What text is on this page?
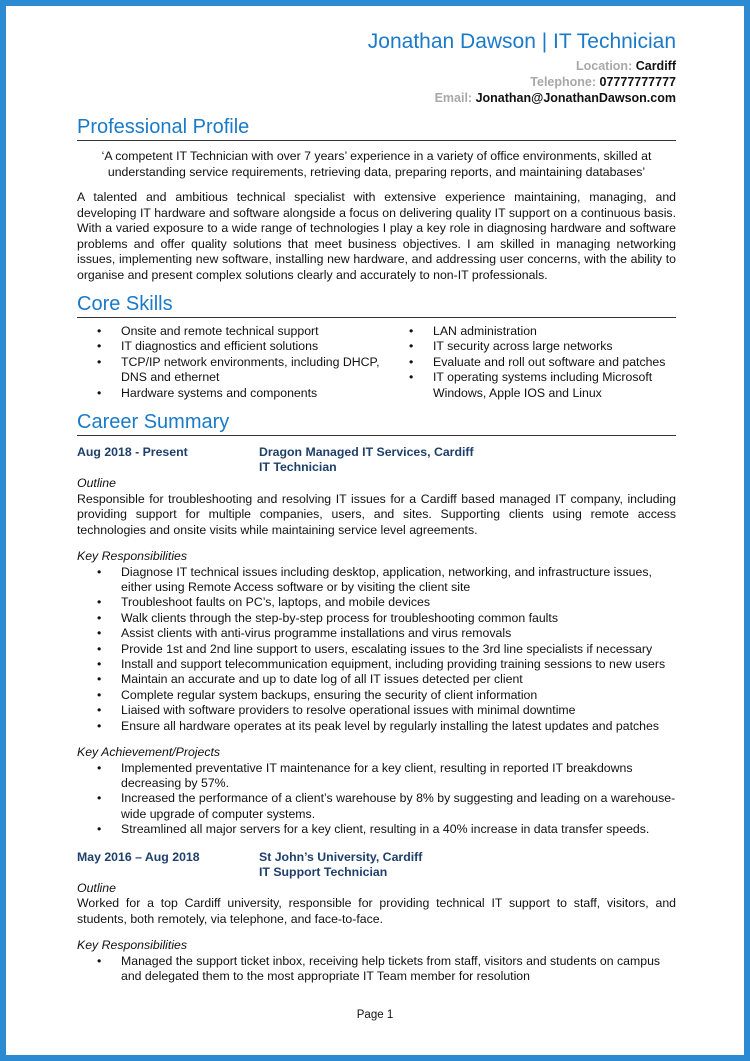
Jonathan Dawson | IT Technician
Location: Cardiff
Telephone: 07777777777
Email: Jonathan@JonathanDawson.com
Professional Profile

‘A competent IT Technician with over 7 years’ experience in a variety of office environments, skilled at understanding service requirements, retrieving data, preparing reports, and maintaining databases’

A talented and ambitious technical specialist with extensive experience maintaining, managing, and developing IT hardware and software alongside a focus on delivering quality IT support on a continuous basis. With a varied exposure to a wide range of technologies I play a key role in diagnosing hardware and software problems and offer quality solutions that meet business objectives. I am skilled in managing networking issues, implementing new software, installing new hardware, and addressing user concerns, with the ability to organise and present complex solutions clearly and accurately to non-IT professionals.

Core Skills
• Onsite and remote technical support
• IT diagnostics and efficient solutions
• TCP/IP network environments, including DHCP, DNS and ethernet
• Hardware systems and components
• LAN administration
• IT security across large networks
• Evaluate and roll out software and patches
• IT operating systems including Microsoft Windows, Apple IOS and Linux
Career Summary
Aug 2018 - Present	Dragon Managed IT Services, Cardiff
IT Technician
Outline

Responsible for troubleshooting and resolving IT issues for a Cardiff based managed IT company, including providing support for multiple companies, users, and sites. Supporting clients using remote access technologies and onsite visits while maintaining service level agreements.

Key Responsibilities
• Diagnose IT technical issues including desktop, application, networking, and infrastructure issues, either using Remote Access software or by visiting the client site
• Troubleshoot faults on PC’s, laptops, and mobile devices
• Walk clients through the step-by-step process for troubleshooting common faults
• Assist clients with anti-virus programme installations and virus removals
• Provide 1st and 2nd line support to users, escalating issues to the 3rd line specialists if necessary
• Install and support telecommunication equipment, including providing training sessions to new users
• Maintain an accurate and up to date log of all IT issues detected per client
• Complete regular system backups, ensuring the security of client information
• Liaised with software providers to resolve operational issues with minimal downtime
• Ensure all hardware operates at its peak level by regularly installing the latest updates and patches
Key Achievement/Projects
• Implemented preventative IT maintenance for a key client, resulting in reported IT breakdowns decreasing by 57%.
• Increased the performance of a client’s warehouse by 8% by suggesting and leading on a warehouse-wide upgrade of computer systems.
• Streamlined all major servers for a key client, resulting in a 40% increase in data transfer speeds.
May 2016 – Aug 2018	St John’s University, Cardiff
IT Support Technician
Outline

Worked for a top Cardiff university, responsible for providing technical IT support to staff, visitors, and students, both remotely, via telephone, and face-to-face.

Key Responsibilities
• Managed the support ticket inbox, receiving help tickets from staff, visitors and students on campus and delegated them to the most appropriate IT Team member for resolution
Page 1
